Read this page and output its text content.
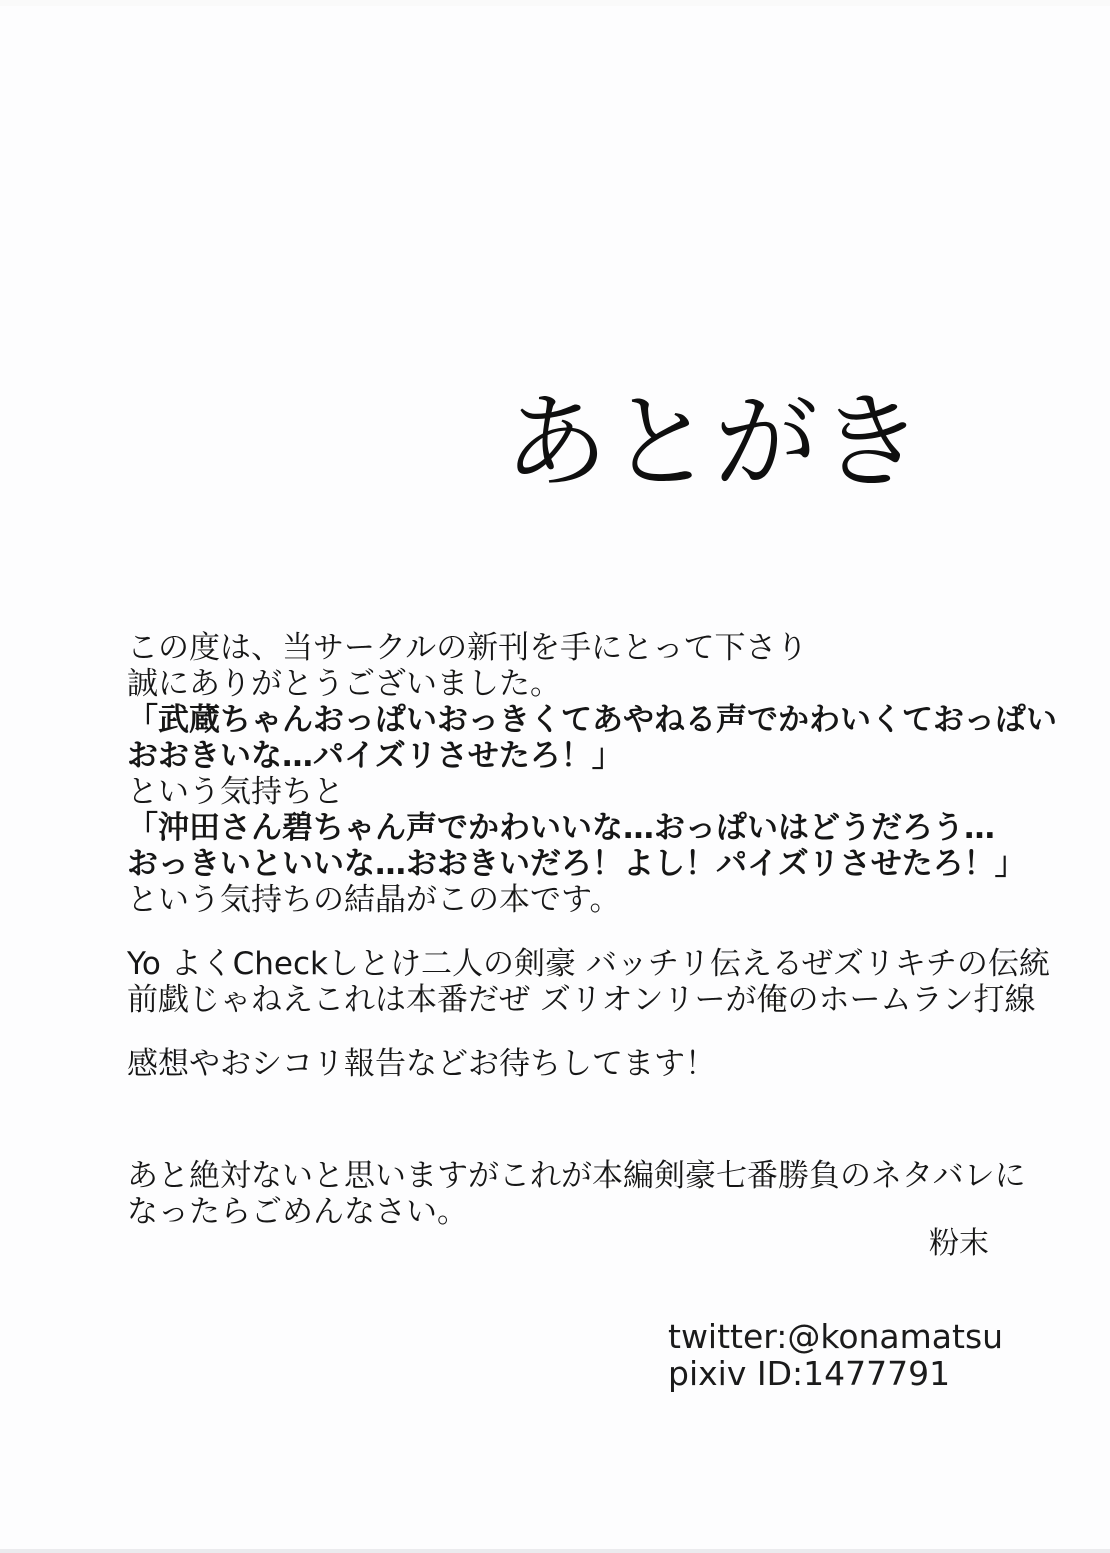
あとがき
この度は、当サークルの新刊を手にとって下さり
誠にありがとうございました。
「武蔵ちゃんおっぱいおっきくてあやねる声でかわいくておっぱい
おおきいな…パイズリさせたろ！」
という気持ちと
「沖田さん碧ちゃん声でかわいいな…おっぱいはどうだろう…
おっきいといいな…おおきいだろ！よし！パイズリさせたろ！」
という気持ちの結晶がこの本です。
Yo よくCheckしとけ二人の剣豪 バッチリ伝えるぜズリキチの伝統
前戯じゃねえこれは本番だぜ ズリオンリーが俺のホームラン打線
感想やおシコリ報告などお待ちしてます！
あと絶対ないと思いますがこれが本編剣豪七番勝負のネタバレに
なったらごめんなさい。
粉末
twitter:@konamatsu
pixiv ID:1477791
